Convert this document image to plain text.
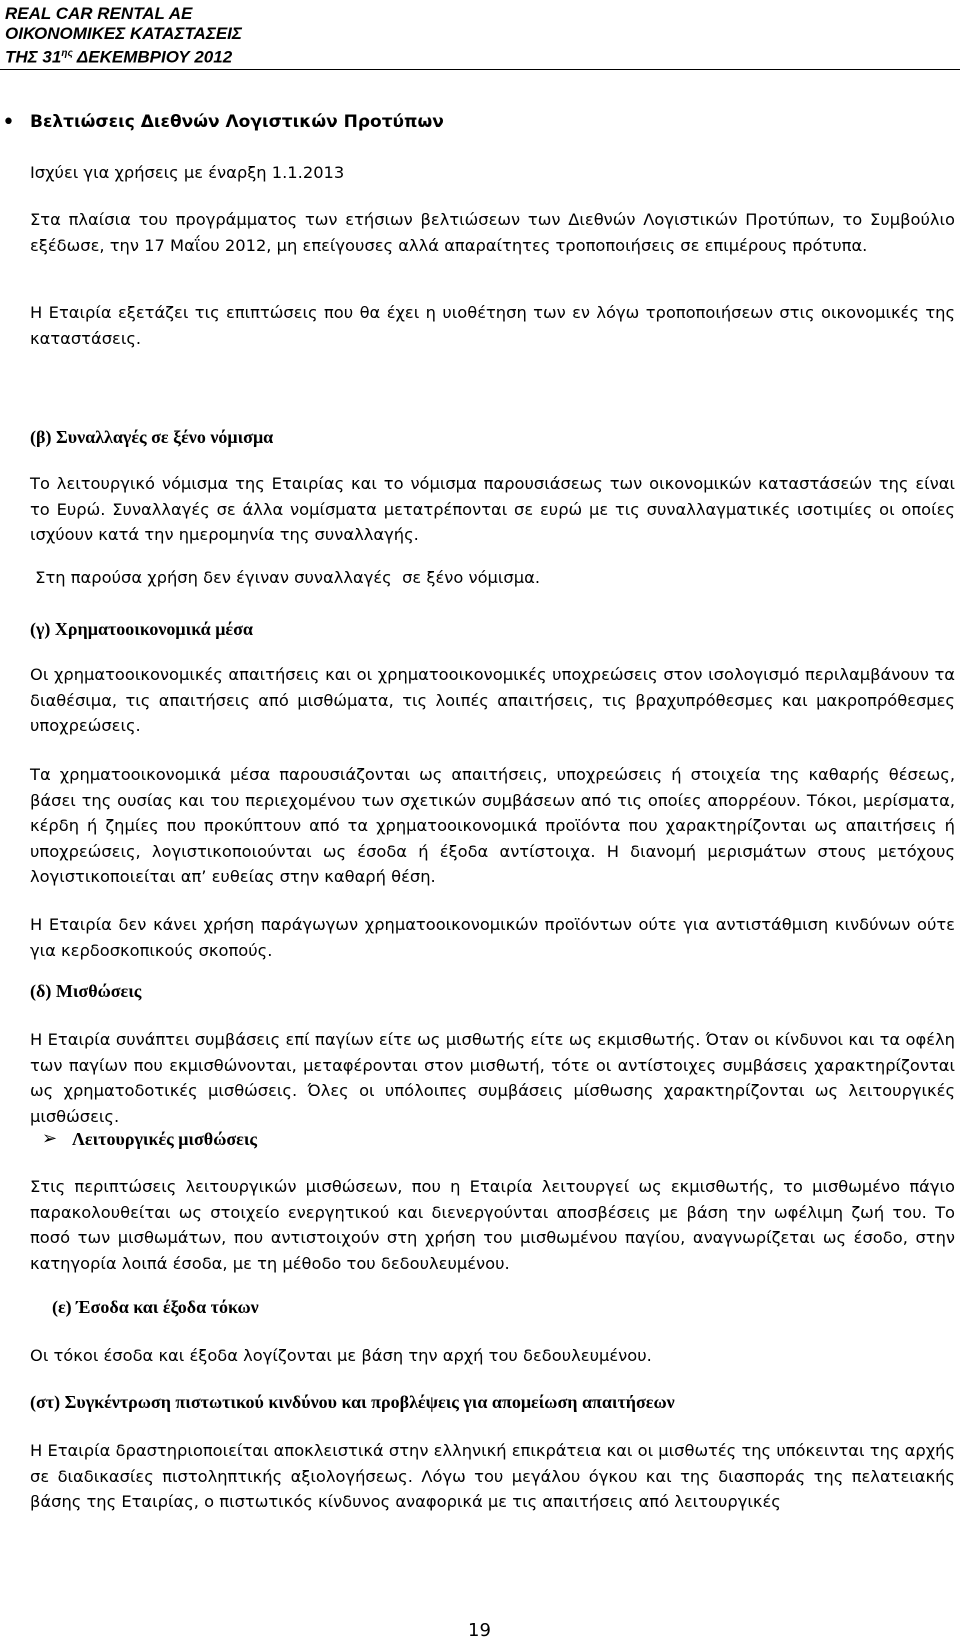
REAL CAR RENTAL AE
ΟΙΚΟΝΟΜΙΚΕΣ ΚΑΤΑΣΤΑΣΕΙΣ
ΤΗΣ $31^{\eta\varsigma}$ ΔΕΚΕΜΒΡΙΟΥ 2012
• Βελτιώσεις Διεθνών Λογιστικών Προτύπων

Ισχύει για χρήσεις με έναρξη 1.1.2013

Στα πλαίσια του προγράμματος των ετήσιων βελτιώσεων των Διεθνών Λογιστικών Προτύπων, το Συμβούλιο εξέδωσε, την 17 Μαΐου 2012, μη επείγουσες αλλά απαραίτητες τροποποιήσεις σε επιμέρους πρότυπα.

Η Εταιρία εξετάζει τις επιπτώσεις που θα έχει η υιοθέτηση των εν λόγω τροποποιήσεων στις οικονομικές της καταστάσεις.

(β) Συναλλαγές σε ξένο νόμισμα

Το λειτουργικό νόμισμα της Εταιρίας και το νόμισμα παρουσιάσεως των οικονομικών καταστάσεών της είναι το Ευρώ. Συναλλαγές σε άλλα νομίσματα μετατρέπονται σε ευρώ με τις συναλλαγματικές ισοτιμίες οι οποίες ισχύουν κατά την ημερομηνία της συναλλαγής.

Στη παρούσα χρήση δεν έγιναν συναλλαγές  σε ξένο νόμισμα.

(γ) Χρηματοοικονομικά μέσα

Οι χρηματοοικονομικές απαιτήσεις και οι χρηματοοικονομικές υποχρεώσεις στον ισολογισμό περιλαμβάνουν τα διαθέσιμα, τις απαιτήσεις από μισθώματα, τις λοιπές απαιτήσεις, τις βραχυπρόθεσμες και μακροπρόθεσμες υποχρεώσεις.

Τα χρηματοοικονομικά μέσα παρουσιάζονται ως απαιτήσεις, υποχρεώσεις ή στοιχεία της καθαρής θέσεως, βάσει της ουσίας και του περιεχομένου των σχετικών συμβάσεων από τις οποίες απορρέουν. Τόκοι, μερίσματα, κέρδη ή ζημίες που προκύπτουν από τα χρηματοοικονομικά προϊόντα που χαρακτηρίζονται ως απαιτήσεις ή υποχρεώσεις, λογιστικοποιούνται ως έσοδα ή έξοδα αντίστοιχα. Η διανομή μερισμάτων στους μετόχους λογιστικοποιείται απ’ ευθείας στην καθαρή θέση.

Η Εταιρία δεν κάνει χρήση παράγωγων χρηματοοικονομικών προϊόντων ούτε για αντιστάθμιση κινδύνων ούτε για κερδοσκοπικούς σκοπούς.

(δ) Μισθώσεις

Η Εταιρία συνάπτει συμβάσεις επί παγίων είτε ως μισθωτής είτε ως εκμισθωτής. Όταν οι κίνδυνοι και τα οφέλη των παγίων που εκμισθώνονται, μεταφέρονται στον μισθωτή, τότε οι αντίστοιχες συμβάσεις χαρακτηρίζονται ως χρηματοδοτικές μισθώσεις. Όλες οι υπόλοιπες συμβάσεις μίσθωσης χαρακτηρίζονται ως λειτουργικές μισθώσεις.

➢ Λειτουργικές μισθώσεις

Στις περιπτώσεις λειτουργικών μισθώσεων, που η Εταιρία λειτουργεί ως εκμισθωτής, το μισθωμένο πάγιο παρακολουθείται ως στοιχείο ενεργητικού και διενεργούνται αποσβέσεις με βάση την ωφέλιμη ζωή του. Το ποσό των μισθωμάτων, που αντιστοιχούν στη χρήση του μισθωμένου παγίου, αναγνωρίζεται ως έσοδο, στην κατηγορία λοιπά έσοδα, με τη μέθοδο του δεδουλευμένου.

(ε) Έσοδα και έξοδα τόκων

Οι τόκοι έσοδα και έξοδα λογίζονται με βάση την αρχή του δεδουλευμένου.

(στ) Συγκέντρωση πιστωτικού κινδύνου και προβλέψεις για απομείωση απαιτήσεων

Η Εταιρία δραστηριοποιείται αποκλειστικά στην ελληνική επικράτεια και οι μισθωτές της υπόκεινται της αρχής σε διαδικασίες πιστοληπτικής αξιολογήσεως. Λόγω του μεγάλου όγκου και της διασποράς της πελατειακής βάσης της Εταιρίας, ο πιστωτικός κίνδυνος αναφορικά με τις απαιτήσεις από λειτουργικές

19
